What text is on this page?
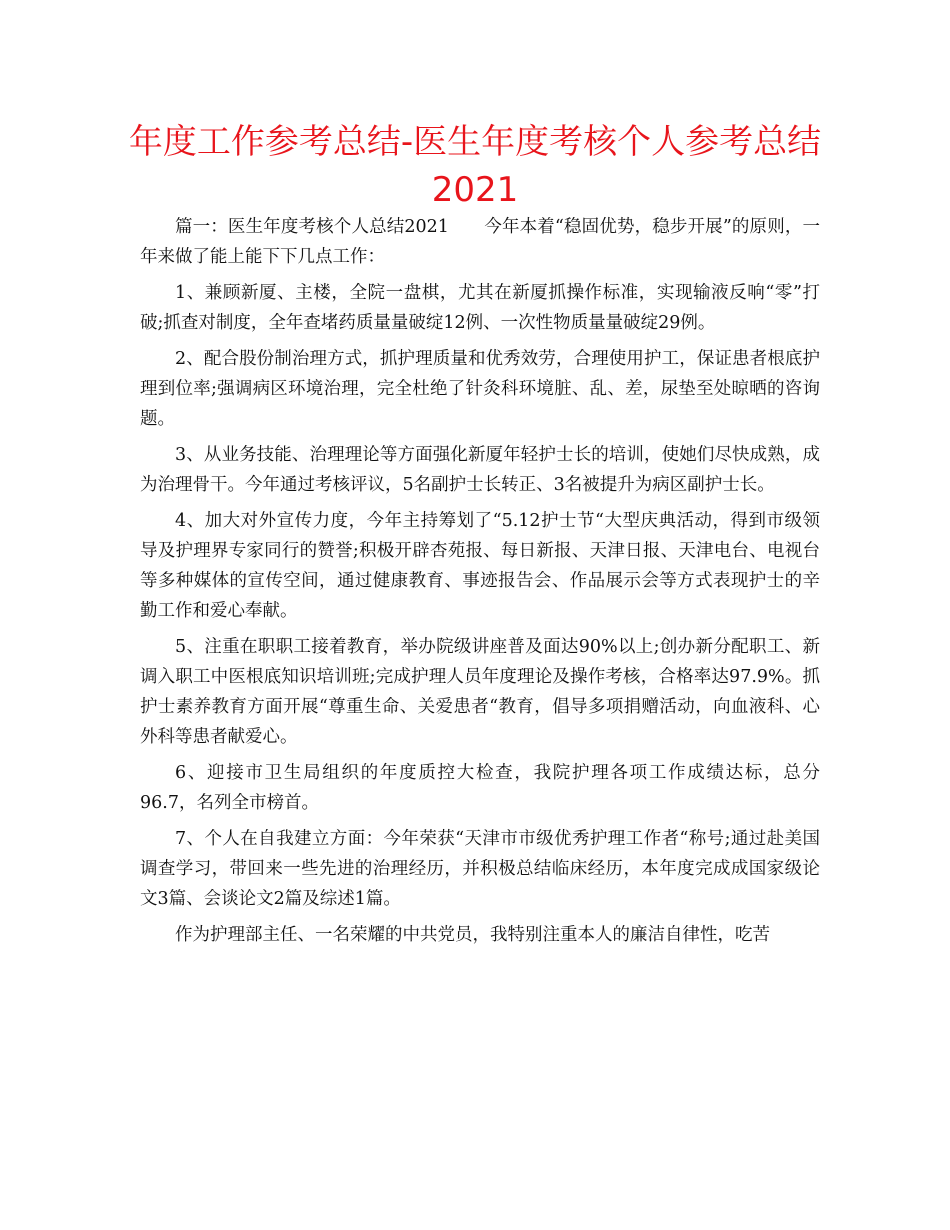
年度工作参考总结-医生年度考核个人参考总结
2021

篇一：医生年度考核个人总结2021　　今年本着“稳固优势，稳步开展”的原则，一年来做了能上能下下几点工作：

1、兼顾新厦、主楼，全院一盘棋，尤其在新厦抓操作标准，实现输液反响“零”打破;抓查对制度，全年查堵药质量量破绽12例、一次性物质量量破绽29例。

2、配合股份制治理方式，抓护理质量和优秀效劳，合理使用护工，保证患者根底护理到位率;强调病区环境治理，完全杜绝了针灸科环境脏、乱、差，尿垫至处晾晒的咨询题。

3、从业务技能、治理理论等方面强化新厦年轻护士长的培训，使她们尽快成熟，成为治理骨干。今年通过考核评议，5名副护士长转正、3名被提升为病区副护士长。

4、加大对外宣传力度，今年主持筹划了“5.12护士节“大型庆典活动，得到市级领导及护理界专家同行的赞誉;积极开辟杏苑报、每日新报、天津日报、天津电台、电视台等多种媒体的宣传空间，通过健康教育、事迹报告会、作品展示会等方式表现护士的辛勤工作和爱心奉献。

5、注重在职职工接着教育，举办院级讲座普及面达90%以上;创办新分配职工、新调入职工中医根底知识培训班;完成护理人员年度理论及操作考核，合格率达97.9%。抓护士素养教育方面开展“尊重生命、关爱患者“教育，倡导多项捐赠活动，向血液科、心外科等患者献爱心。

6、迎接市卫生局组织的年度质控大检查，我院护理各项工作成绩达标，总分96.7，名列全市榜首。

7、个人在自我建立方面：今年荣获“天津市市级优秀护理工作者“称号;通过赴美国调查学习，带回来一些先进的治理经历，并积极总结临床经历，本年度完成成国家级论文3篇、会谈论文2篇及综述1篇。

作为护理部主任、一名荣耀的中共党员，我特别注重本人的廉洁自律性，吃苦
